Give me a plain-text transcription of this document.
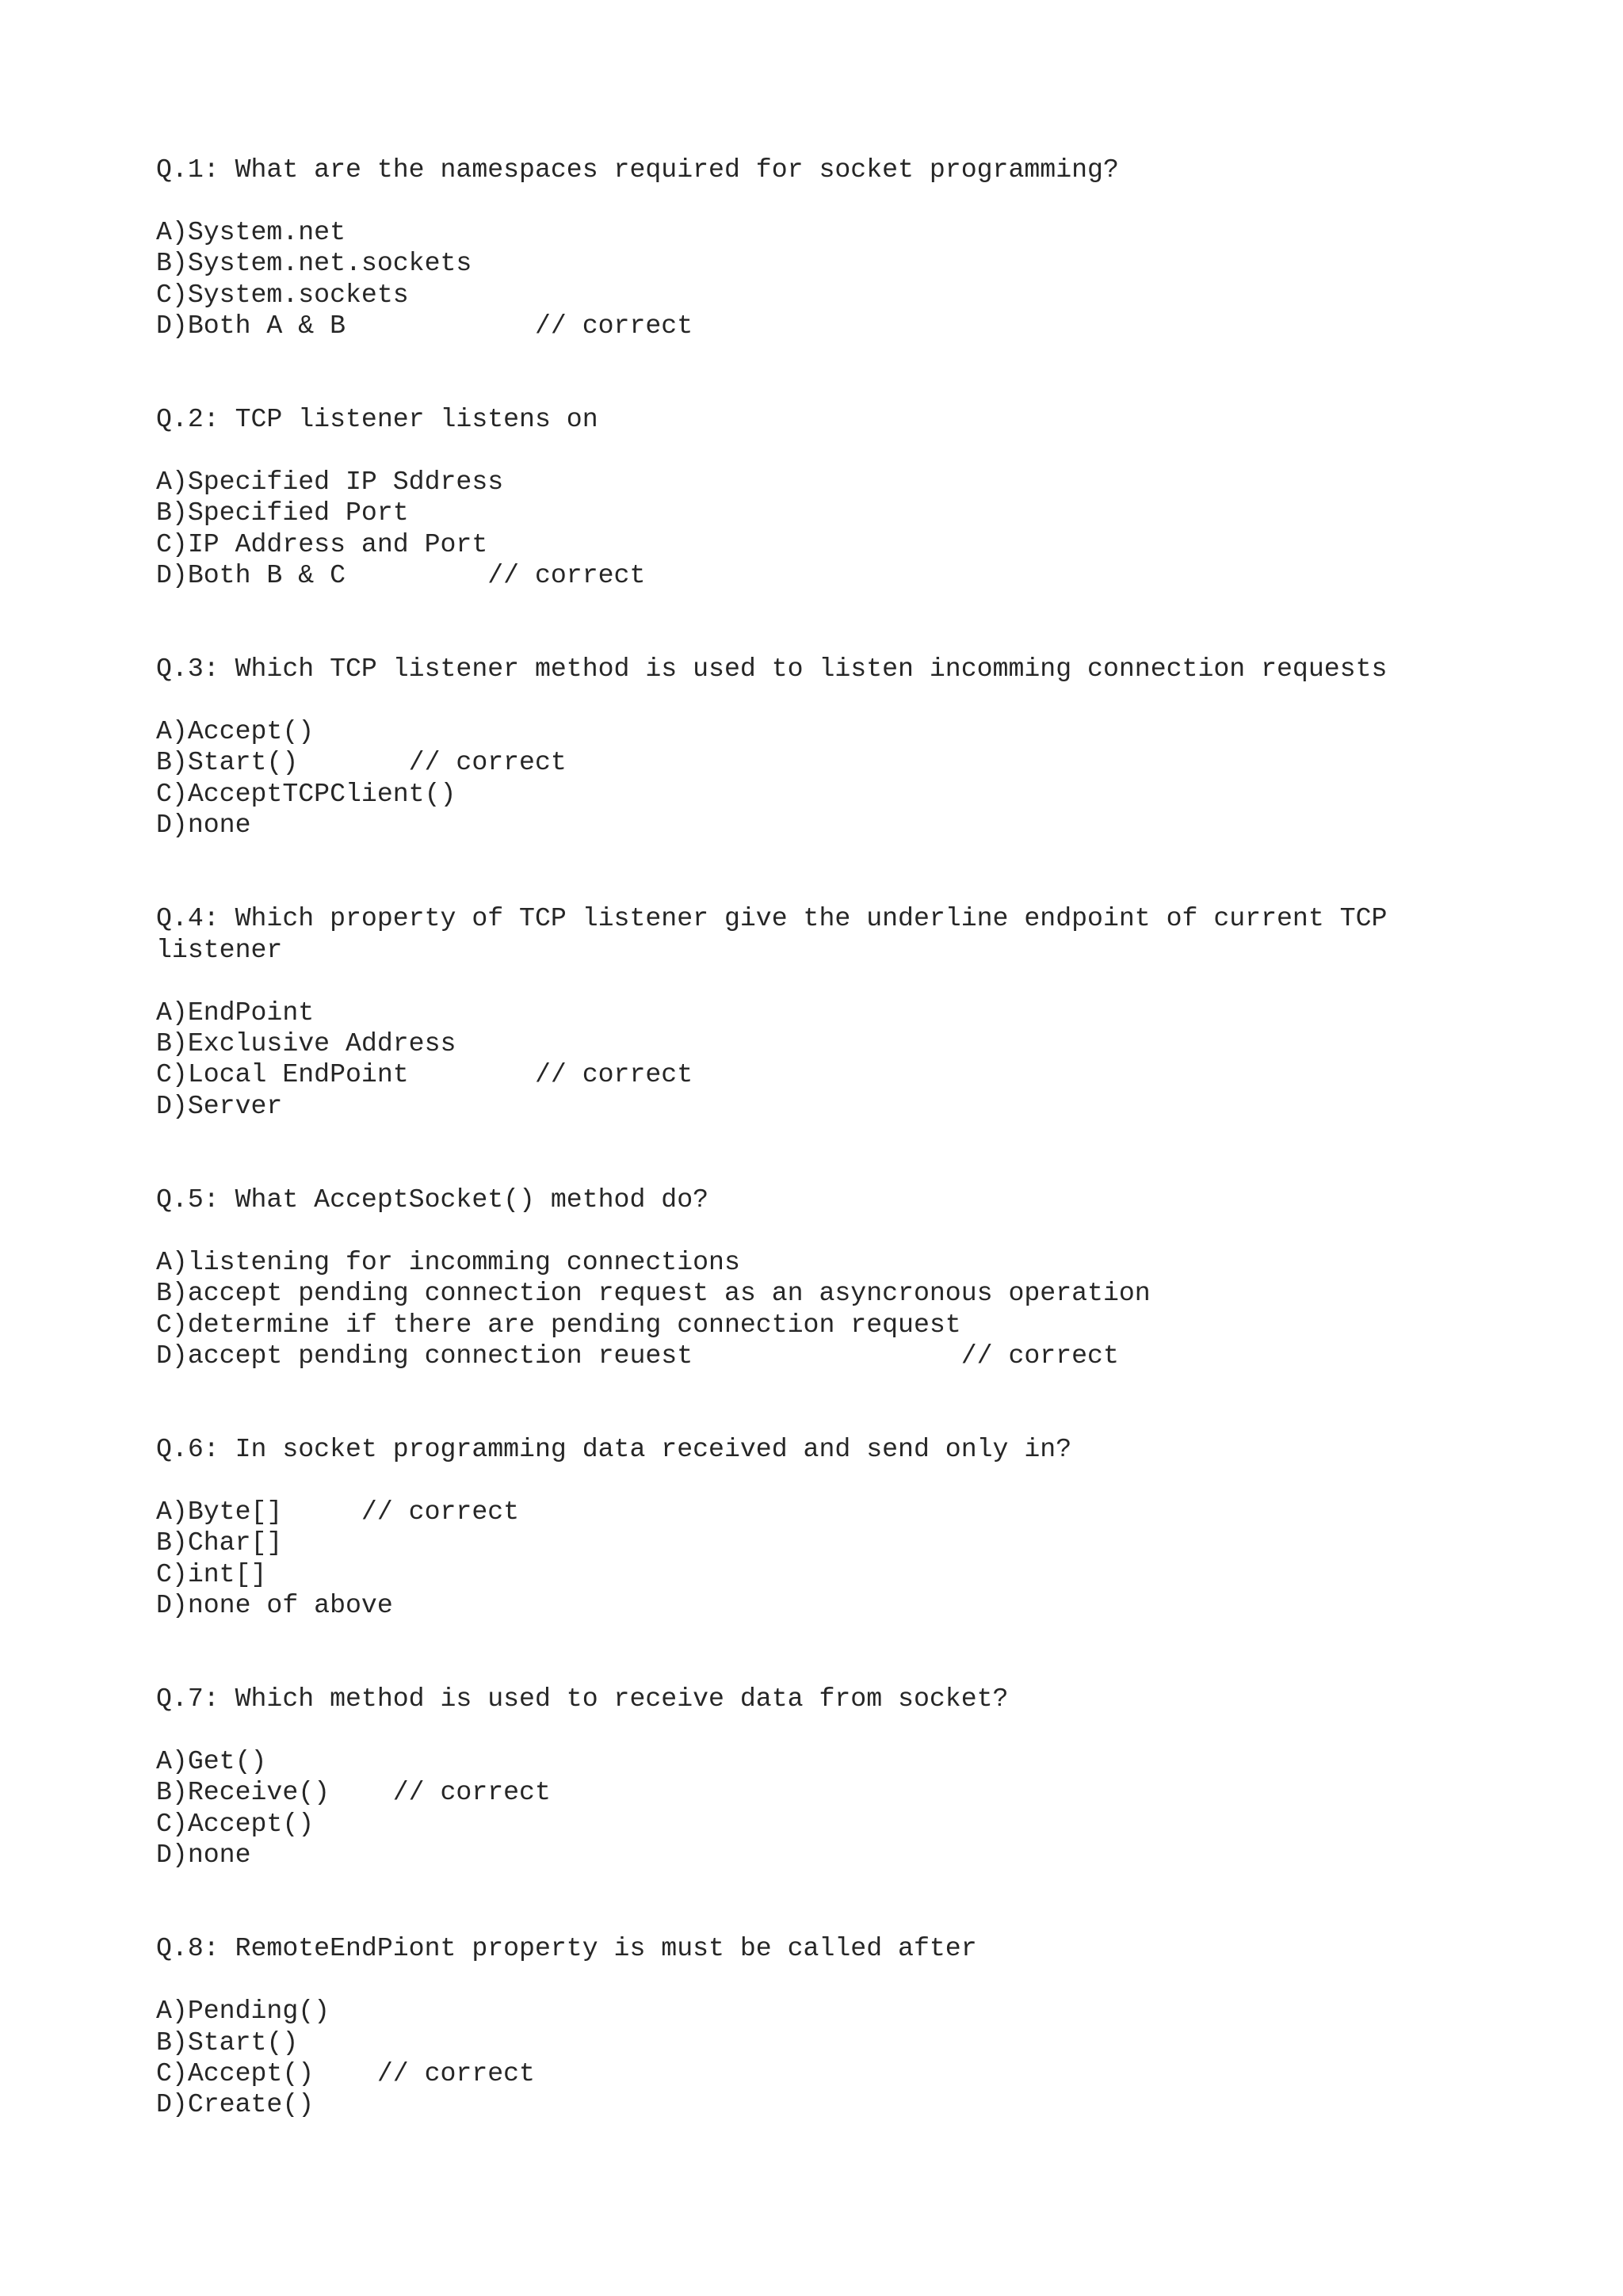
Q.1: What are the namespaces required for socket programming?
A)System.net
B)System.net.sockets
C)System.sockets
D)Both A & B            // correct
Q.2: TCP listener listens on
A)Specified IP Sddress
B)Specified Port
C)IP Address and Port
D)Both B & C         // correct
Q.3: Which TCP listener method is used to listen incomming connection requests
A)Accept()
B)Start()       // correct
C)AcceptTCPClient()
D)none
Q.4: Which property of TCP listener give the underline endpoint of current TCP
listener
A)EndPoint
B)Exclusive Address
C)Local EndPoint        // correct
D)Server
Q.5: What AcceptSocket() method do?
A)listening for incomming connections
B)accept pending connection request as an asyncronous operation
C)determine if there are pending connection request
D)accept pending connection reuest                 // correct
Q.6: In socket programming data received and send only in?
A)Byte[]     // correct
B)Char[]
C)int[]
D)none of above
Q.7: Which method is used to receive data from socket?
A)Get()
B)Receive()    // correct
C)Accept()
D)none
Q.8: RemoteEndPiont property is must be called after
A)Pending()
B)Start()
C)Accept()    // correct
D)Create()
